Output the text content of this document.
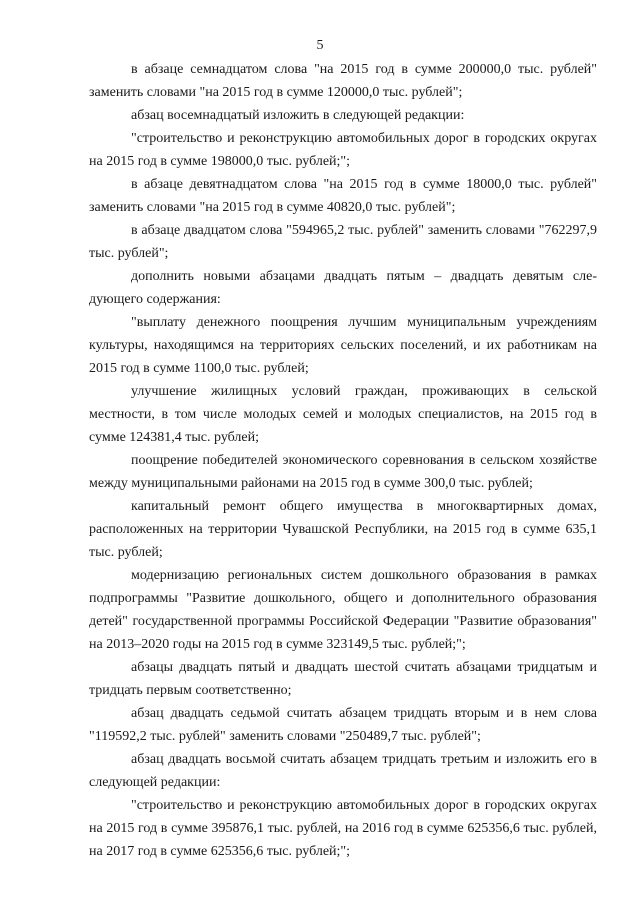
5

в абзаце семнадцатом слова "на 2015 год в сумме 200000,0 тыс. рублей" заменить словами "на 2015 год в сумме 120000,0 тыс. рублей";

абзац восемнадцатый изложить в следующей редакции:

"строительство и реконструкцию автомобильных дорог в городских округах на 2015 год в сумме 198000,0 тыс. рублей;";

в абзаце девятнадцатом слова "на 2015 год в сумме 18000,0 тыс. рублей" заменить словами "на 2015 год в сумме 40820,0 тыс. рублей";

в абзаце двадцатом слова "594965,2 тыс. рублей" заменить словами "762297,9 тыс. рублей";

дополнить новыми абзацами двадцать пятым – двадцать девятым следующего содержания:

"выплату денежного поощрения лучшим муниципальным учреждениям культуры, находящимся на территориях сельских поселений, и их работникам на 2015 год в сумме 1100,0 тыс. рублей;

улучшение жилищных условий граждан, проживающих в сельской местности, в том числе молодых семей и молодых специалистов, на 2015 год в сумме 124381,4 тыс. рублей;

поощрение победителей экономического соревнования в сельском хозяйстве между муниципальными районами на 2015 год в сумме 300,0 тыс. рублей;

капитальный ремонт общего имущества в многоквартирных домах, расположенных на территории Чувашской Республики, на 2015 год в сумме 635,1 тыс. рублей;

модернизацию региональных систем дошкольного образования в рамках подпрограммы "Развитие дошкольного, общего и дополнительного образования детей" государственной программы Российской Федерации "Развитие образования" на 2013–2020 годы на 2015 год в сумме 323149,5 тыс. рублей;";

абзацы двадцать пятый и двадцать шестой считать абзацами тридцатым и тридцать первым соответственно;

абзац двадцать седьмой считать абзацем тридцать вторым и в нем слова "119592,2 тыс. рублей" заменить словами "250489,7 тыс. рублей";

абзац двадцать восьмой считать абзацем тридцать третьим и изложить его в следующей редакции:

"строительство и реконструкцию автомобильных дорог в городских округах на 2015 год в сумме 395876,1 тыс. рублей, на 2016 год в сумме 625356,6 тыс. рублей, на 2017 год в сумме 625356,6 тыс. рублей;";
